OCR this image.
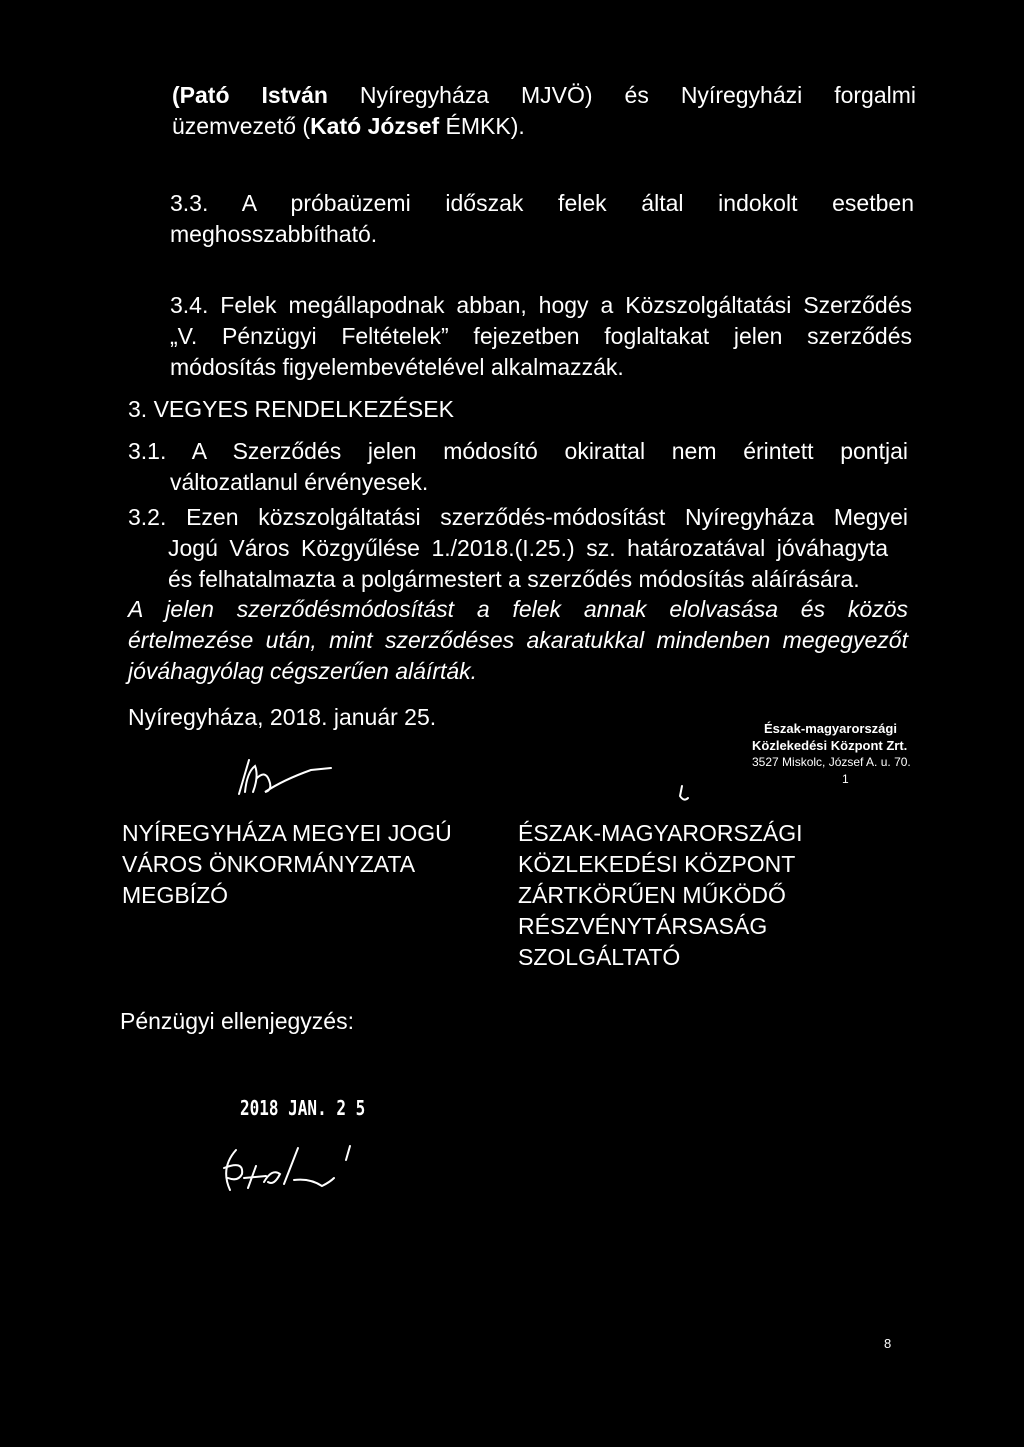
(Pató István Nyíregyháza MJVÖ) és Nyíregyházi forgalmi
üzemvezető (Kató József ÉMKK).
3.3. A próbaüzemi időszak felek által indokolt esetben
meghosszabbítható.
3.4. Felek megállapodnak abban, hogy a Közszolgáltatási Szerződés
„V. Pénzügyi Feltételek” fejezetben foglaltakat jelen szerződés
módosítás figyelembevételével alkalmazzák.
3. VEGYES RENDELKEZÉSEK
3.1. A Szerződés jelen módosító okirattal nem érintett pontjai
változatlanul érvényesek.
3.2. Ezen közszolgáltatási szerződés-módosítást Nyíregyháza Megyei
Jogú Város Közgyűlése 1./2018.(I.25.) sz. határozatával jóváhagyta
és felhatalmazta a polgármestert a szerződés módosítás aláírására.
A jelen szerződésmódosítást a felek annak elolvasása és közös
értelmezése után, mint szerződéses akaratukkal mindenben megegyezőt
jóváhagyólag cégszerűen aláírták.
Nyíregyháza, 2018. január 25.	Észak-magyarországi
Közlekedési Központ Zrt.
3527 Miskolc, József A. u. 70.
1
NYÍREGYHÁZA MEGYEI JOGÚ
VÁROS ÖNKORMÁNYZATA
MEGBÍZÓ
ÉSZAK-MAGYARORSZÁGI
KÖZLEKEDÉSI KÖZPONT
ZÁRTKÖRŰEN MŰKÖDŐ
RÉSZVÉNYTÁRSASÁG
SZOLGÁLTATÓ
Pénzügyi ellenjegyzés:
2018 JAN. 2 5
8
